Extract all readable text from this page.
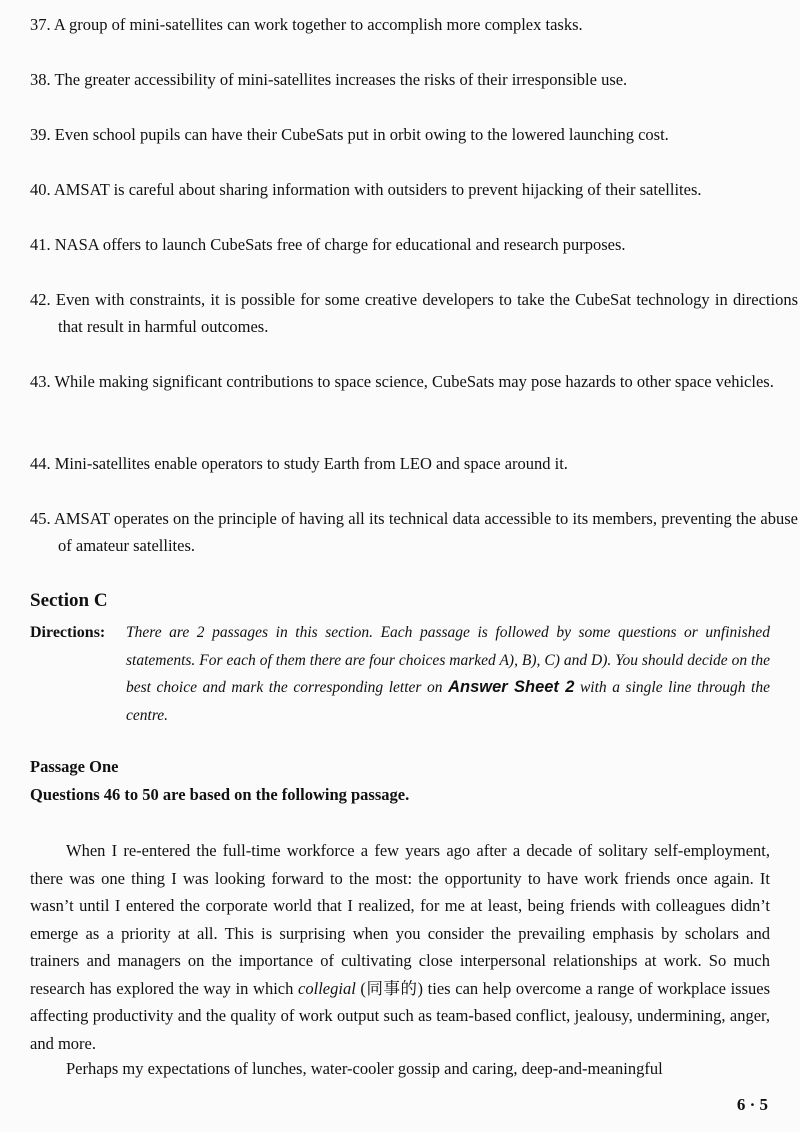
37. A group of mini-satellites can work together to accomplish more complex tasks.
38. The greater accessibility of mini-satellites increases the risks of their irresponsible use.
39. Even school pupils can have their CubeSats put in orbit owing to the lowered launching cost.
40. AMSAT is careful about sharing information with outsiders to prevent hijacking of their satellites.
41. NASA offers to launch CubeSats free of charge for educational and research purposes.
42. Even with constraints, it is possible for some creative developers to take the CubeSat technology in directions that result in harmful outcomes.
43. While making significant contributions to space science, CubeSats may pose hazards to other space vehicles.
44. Mini-satellites enable operators to study Earth from LEO and space around it.
45. AMSAT operates on the principle of having all its technical data accessible to its members, preventing the abuse of amateur satellites.
Section C
Directions: There are 2 passages in this section. Each passage is followed by some questions or unfinished statements. For each of them there are four choices marked A), B), C) and D). You should decide on the best choice and mark the corresponding letter on Answer Sheet 2 with a single line through the centre.
Passage One
Questions 46 to 50 are based on the following passage.
When I re-entered the full-time workforce a few years ago after a decade of solitary self-employment, there was one thing I was looking forward to the most: the opportunity to have work friends once again. It wasn’t until I entered the corporate world that I realized, for me at least, being friends with colleagues didn’t emerge as a priority at all. This is surprising when you consider the prevailing emphasis by scholars and trainers and managers on the importance of cultivating close interpersonal relationships at work. So much research has explored the way in which collegial (同事的) ties can help overcome a range of workplace issues affecting productivity and the quality of work output such as team-based conflict, jealousy, undermining, anger, and more.
Perhaps my expectations of lunches, water-cooler gossip and caring, deep-and-meaningful
6 · 5
